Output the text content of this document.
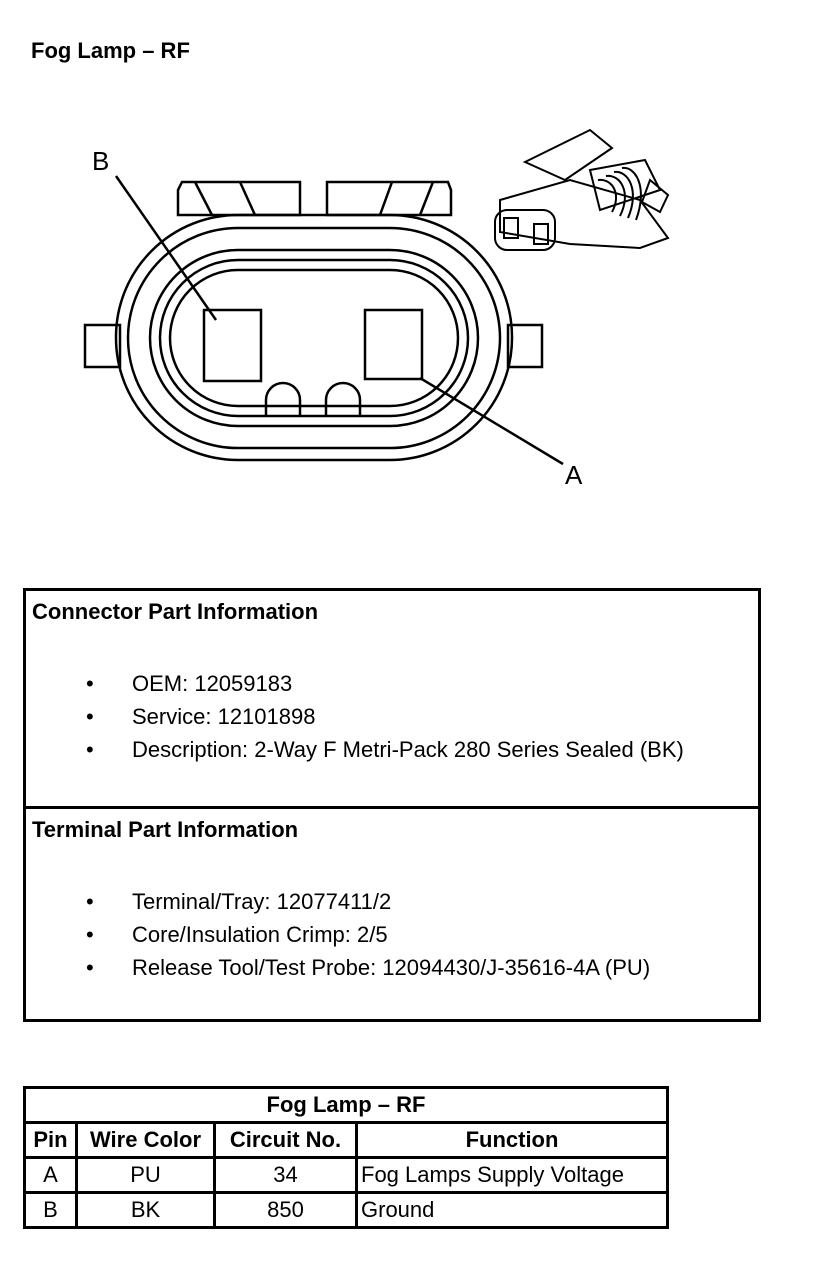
Fog Lamp – RF
B
A
Connector Part Information
• OEM: 12059183
• Service: 12101898
• Description: 2-Way F Metri-Pack 280 Series Sealed (BK)
Terminal Part Information
• Terminal/Tray: 12077411/2
• Core/Insulation Crimp: 2/5
• Release Tool/Test Probe: 12094430/J-35616-4A (PU)
Fog Lamp – RF			
Pin	Wire Color	Circuit No.	Function
A	PU	34	Fog Lamps Supply Voltage
B	BK	850	Ground
